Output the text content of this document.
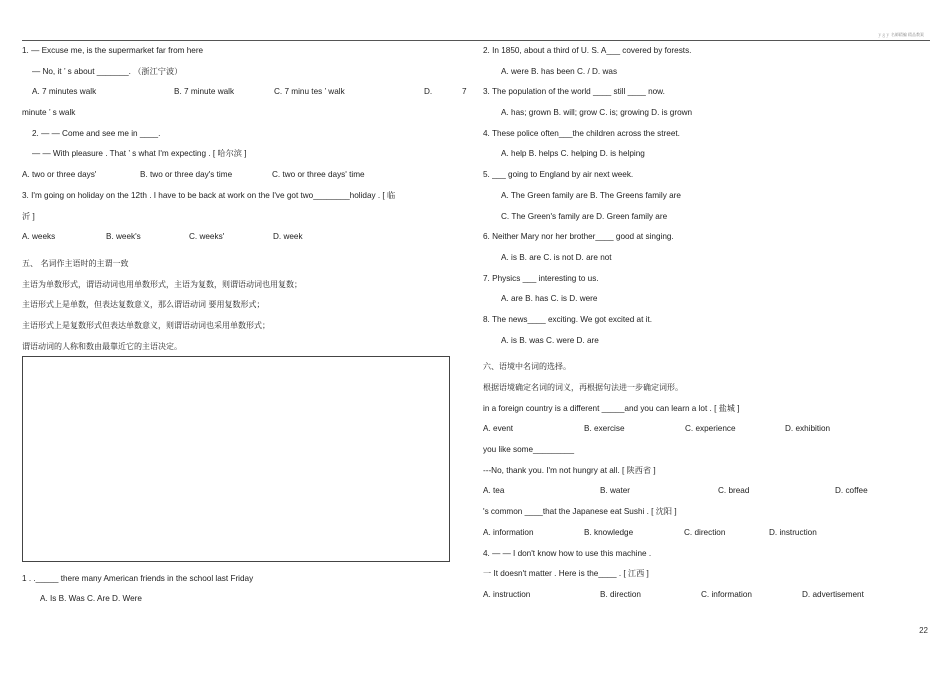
ｙｇｙ 名師精編 精品教案
1. — Excuse me, is the supermarket far from here
— No, it ’ s about _______. （浙江宁波）
A. 7 minutes walk	B. 7 minute walk	C. 7 minu tes ’ walk	D.	7
minute ’ s walk
2. — — Come and see me in ____.
— — With pleasure . That ’ s what I'm expecting . [ 哈尔滨 ]
A. two or three days'	B. two or three day's time	C. two or three days' time
3. I'm going on holiday on the 12th . I have to be back at work on the I've got two________holiday . [ 临
沂 ]
A. weeks	B. week's	C. weeks'	D. week
五、 名词作主语时的主谓一致
主语为单数形式，谓语动词也用单数形式，主语为复数，则谓语动词也用复数；
主语形式上是单数，但表达复数意义，那么谓语动词 要用复数形式；
主语形式上是复数形式但表达单数意义，则谓语动词也采用单数形式；
谓语动词的人称和数由最靠近它的主语决定。
1 . ._____ there many American friends in the school last Friday
A. Is B. Was C. Are D. Were
2. In 1850, about a third of U. S. A___ covered by forests.
A. were B. has been C. / D. was
3. The population of the world ____ still ____ now.
A. has; grown B. will; grow C. is; growing D. is grown
4. These police often___the children across the street.
A. help B. helps C. helping D. is helping
5. ___ going to England by air next week.
A. The Green family are B. The Greens family are
C. The Green's family are D. Green family are
6. Neither Mary nor her brother____ good at singing.
A. is B. are C. is not D. are not
7. Physics ___ interesting to us.
A. are B. has C. is D. were
8. The news____ exciting. We got excited at it.
A. is B. was C. were D. are
六、语境中名词的选择。
根据语境确定名词的词义，再根据句法进一步确定词形。
in a foreign country is a different _____and you can learn a lot . [ 盐城 ]
A. event	B. exercise	C. experience	D. exhibition
you like some_________
---No, thank you. I'm not hungry at all. [ 陕西省 ]
A. tea	B. water	C. bread	D. coffee
's common ____that the Japanese eat Sushi . [ 沈阳 ]
A. information	B. knowledge	C. direction	D. instruction
4. — — I don't know how to use this machine .
一 It doesn't matter . Here is the____ . [ 江西 ]
A. instruction	B. direction	C. information	D. advertisement
22
